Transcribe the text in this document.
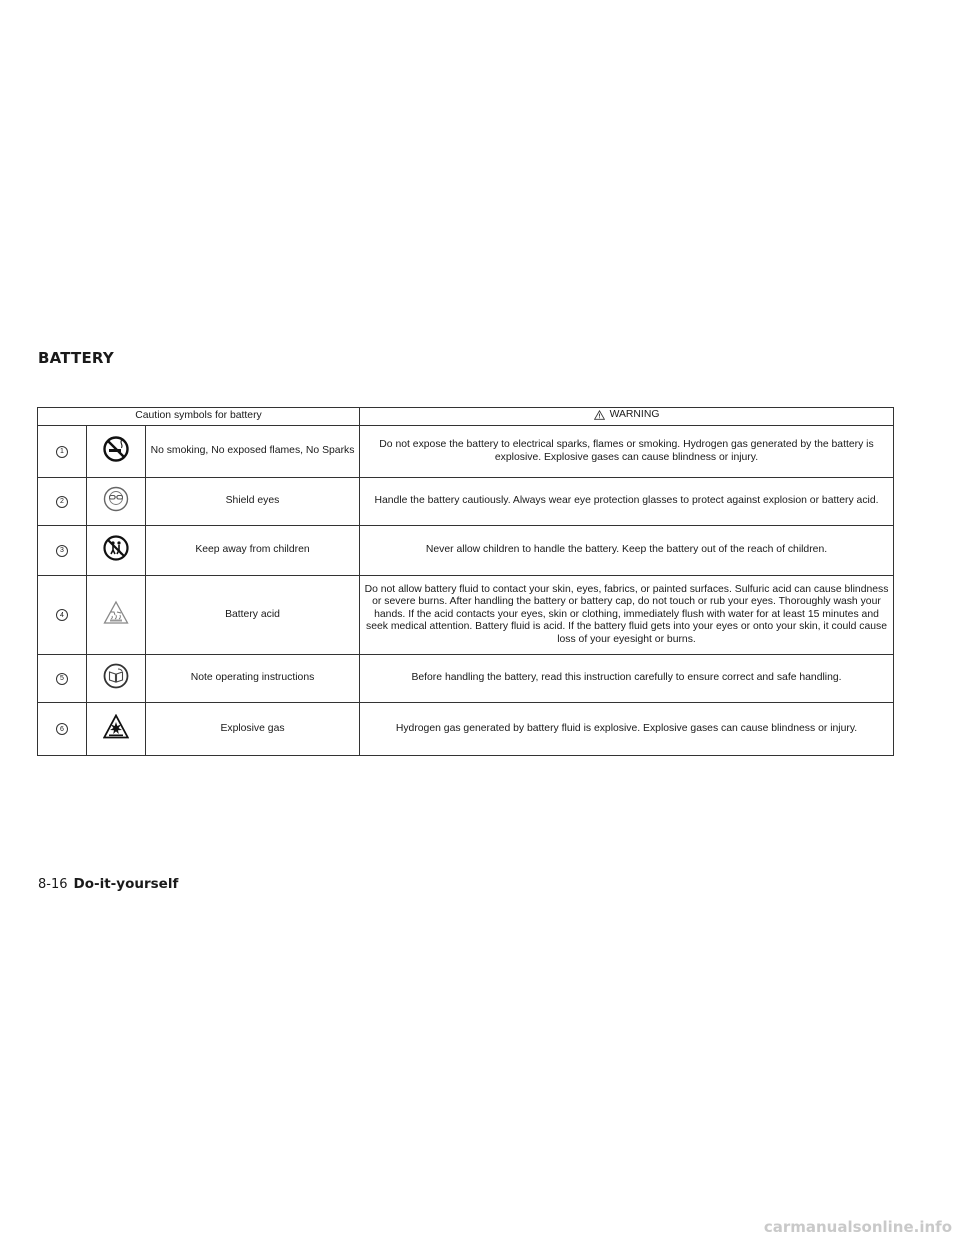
BATTERY
Caution symbols for battery			WARNING

1		No smoking, No exposed flames, No Sparks	Do not expose the battery to electrical sparks, flames or smoking. Hydrogen gas generated by the battery is explosive. Explosive gases can cause blindness or injury.
2		Shield eyes	Handle the battery cautiously. Always wear eye protection glasses to protect against explosion or battery acid.
3		Keep away from children	Never allow children to handle the battery. Keep the battery out of the reach of children.
4		Battery acid	Do not allow battery fluid to contact your skin, eyes, fabrics, or painted surfaces. Sulfuric acid can cause blindness or severe burns. After handling the battery or battery cap, do not touch or rub your eyes. Thoroughly wash your hands. If the acid contacts your eyes, skin or clothing, immediately flush with water for at least 15 minutes and seek medical attention. Battery fluid is acid. If the battery fluid gets into your eyes or onto your skin, it could cause loss of your eyesight or burns.
5		Note operating instructions	Before handling the battery, read this instruction carefully to ensure correct and safe handling.
6		Explosive gas	Hydrogen gas generated by battery fluid is explosive. Explosive gases can cause blindness or injury.
8-16 Do-it-yourself
carmanualsonline.info
